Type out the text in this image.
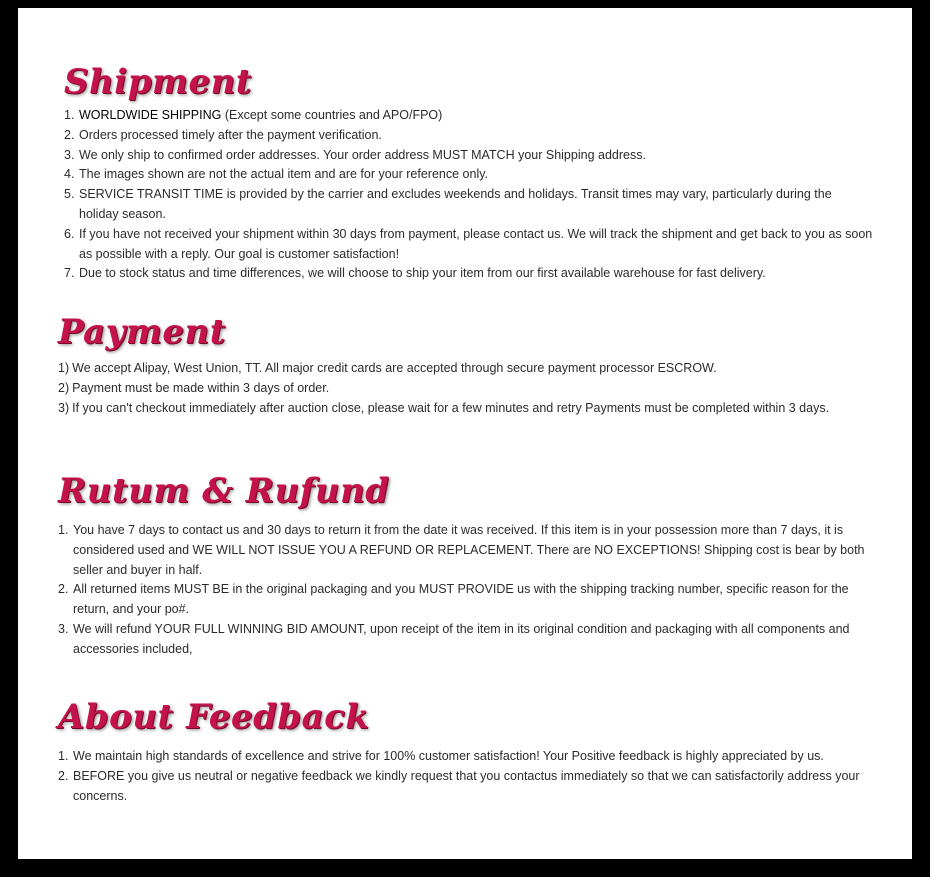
Shipment
1. WORLDWIDE SHIPPING (Except some countries and APO/FPO)
2. Orders processed timely after the payment verification.
3. We only ship to confirmed order addresses. Your order address MUST MATCH your Shipping address.
4. The images shown are not the actual item and are for your reference only.
5. SERVICE TRANSIT TIME is provided by the carrier and excludes weekends and holidays. Transit times may vary, particularly during the holiday season.
6. If you have not received your shipment within 30 days from payment, please contact us. We will track the shipment and get back to you as soon as possible with a reply. Our goal is customer satisfaction!
7. Due to stock status and time differences, we will choose to ship your item from our first available warehouse for fast delivery.
Payment
1) We accept Alipay, West Union, TT. All major credit cards are accepted through secure payment processor ESCROW.
2) Payment must be made within 3 days of order.
3) If you can't checkout immediately after auction close, please wait for a few minutes and retry Payments must be completed within 3 days.
Rutum & Rufund
1. You have 7 days to contact us and 30 days to return it from the date it was received. If this item is in your possession more than 7 days, it is considered used and WE WILL NOT ISSUE YOU A REFUND OR REPLACEMENT. There are NO EXCEPTIONS! Shipping cost is bear by both seller and buyer in half.
2. All returned items MUST BE in the original packaging and you MUST PROVIDE us with the shipping tracking number, specific reason for the return, and your po#.
3. We will refund YOUR FULL WINNING BID AMOUNT, upon receipt of the item in its original condition and packaging with all components and accessories included,
About Feedback
1. We maintain high standards of excellence and strive for 100% customer satisfaction! Your Positive feedback is highly appreciated by us.
2. BEFORE you give us neutral or negative feedback we kindly request that you contactus immediately so that we can satisfactorily address your concerns.
